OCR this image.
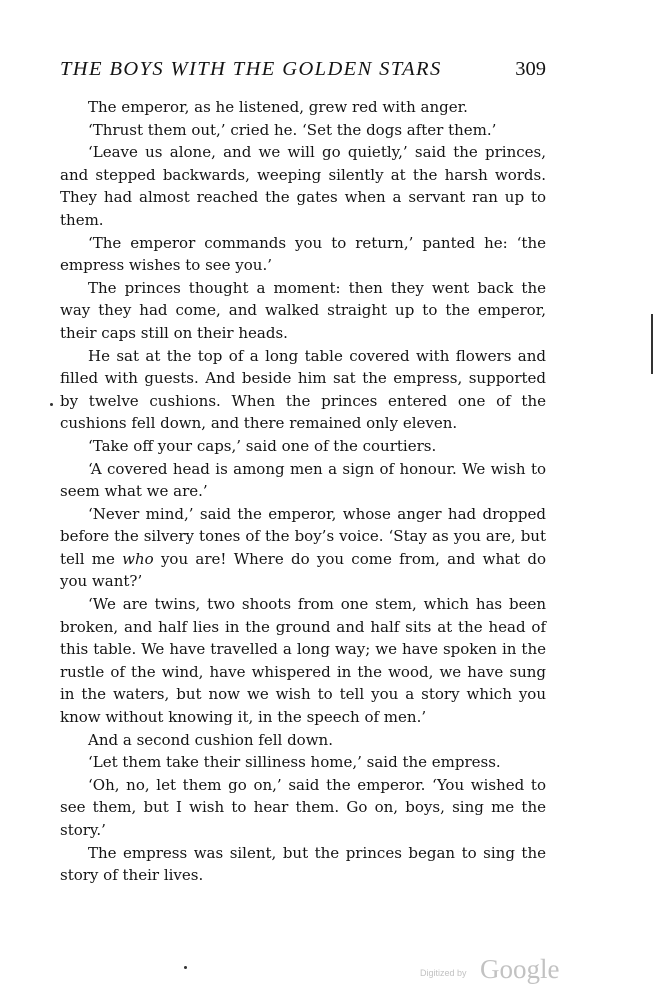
THE BOYS WITH THE GOLDEN STARS	309

The emperor, as he listened, grew red with anger.

‘Thrust them out,’ cried he. ‘Set the dogs after them.’

‘Leave us alone, and we will go quietly,’ said the princes, and stepped backwards, weeping silently at the harsh words. They had almost reached the gates when a servant ran up to them.

‘The emperor commands you to return,’ panted he: ‘the empress wishes to see you.’

The princes thought a moment: then they went back the way they had come, and walked straight up to the emperor, their caps still on their heads.

He sat at the top of a long table covered with flowers and filled with guests. And beside him sat the empress, supported by twelve cushions. When the princes entered one of the cushions fell down, and there remained only eleven.

‘Take off your caps,’ said one of the courtiers.

‘A covered head is among men a sign of honour. We wish to seem what we are.’

‘Never mind,’ said the emperor, whose anger had dropped before the silvery tones of the boy’s voice. ‘Stay as you are, but tell me who you are! Where do you come from, and what do you want?’

‘We are twins, two shoots from one stem, which has been broken, and half lies in the ground and half sits at the head of this table. We have travelled a long way; we have spoken in the rustle of the wind, have whispered in the wood, we have sung in the waters, but now we wish to tell you a story which you know without knowing it, in the speech of men.’

And a second cushion fell down.

‘Let them take their silliness home,’ said the empress.

‘Oh, no, let them go on,’ said the emperor. ‘You wished to see them, but I wish to hear them. Go on, boys, sing me the story.’

The empress was silent, but the princes began to sing the story of their lives.

Digitized by Google
